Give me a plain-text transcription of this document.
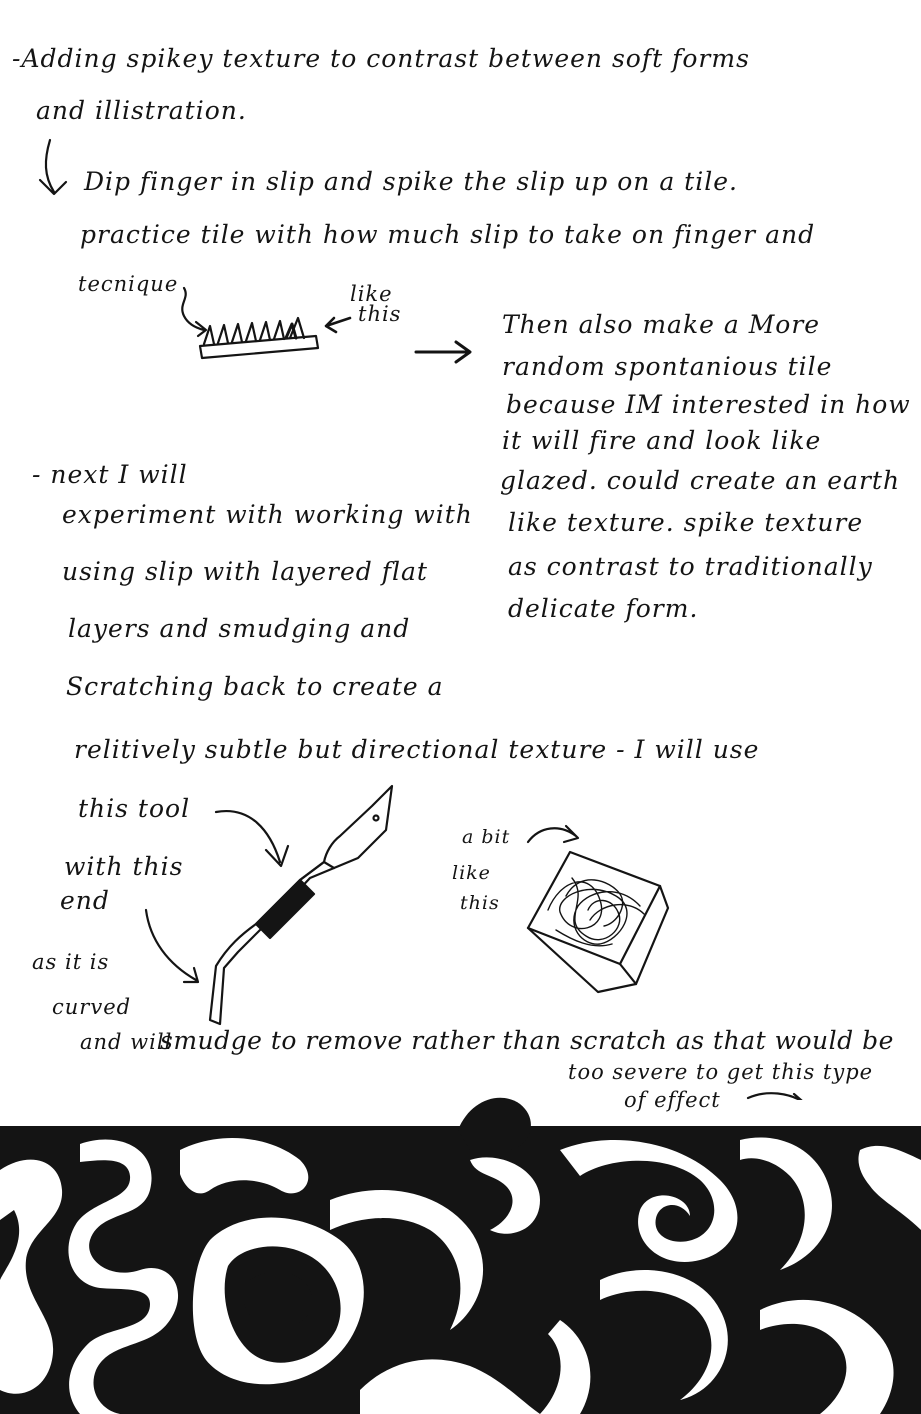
-Adding spikey texture to contrast between soft forms
and illistration.
Dip finger in slip and spike the slip up on a tile.
practice tile with how much slip to take on finger and
tecnique	like
this	Then also make a More
random spontanious tile
because IM interested in how
it will fire and look like
glazed. could create an earth
like texture. spike texture
as contrast to traditionally
delicate form.
- next I will
experiment with working with
using slip with layered flat
layers and smudging and
Scratching back to create a
relitively subtle but directional texture - I will use
this tool
with this
end
a bit
like
this
as it is
curved
and will
smudge to remove rather than scratch as that would be
too severe to get this type
of effect
